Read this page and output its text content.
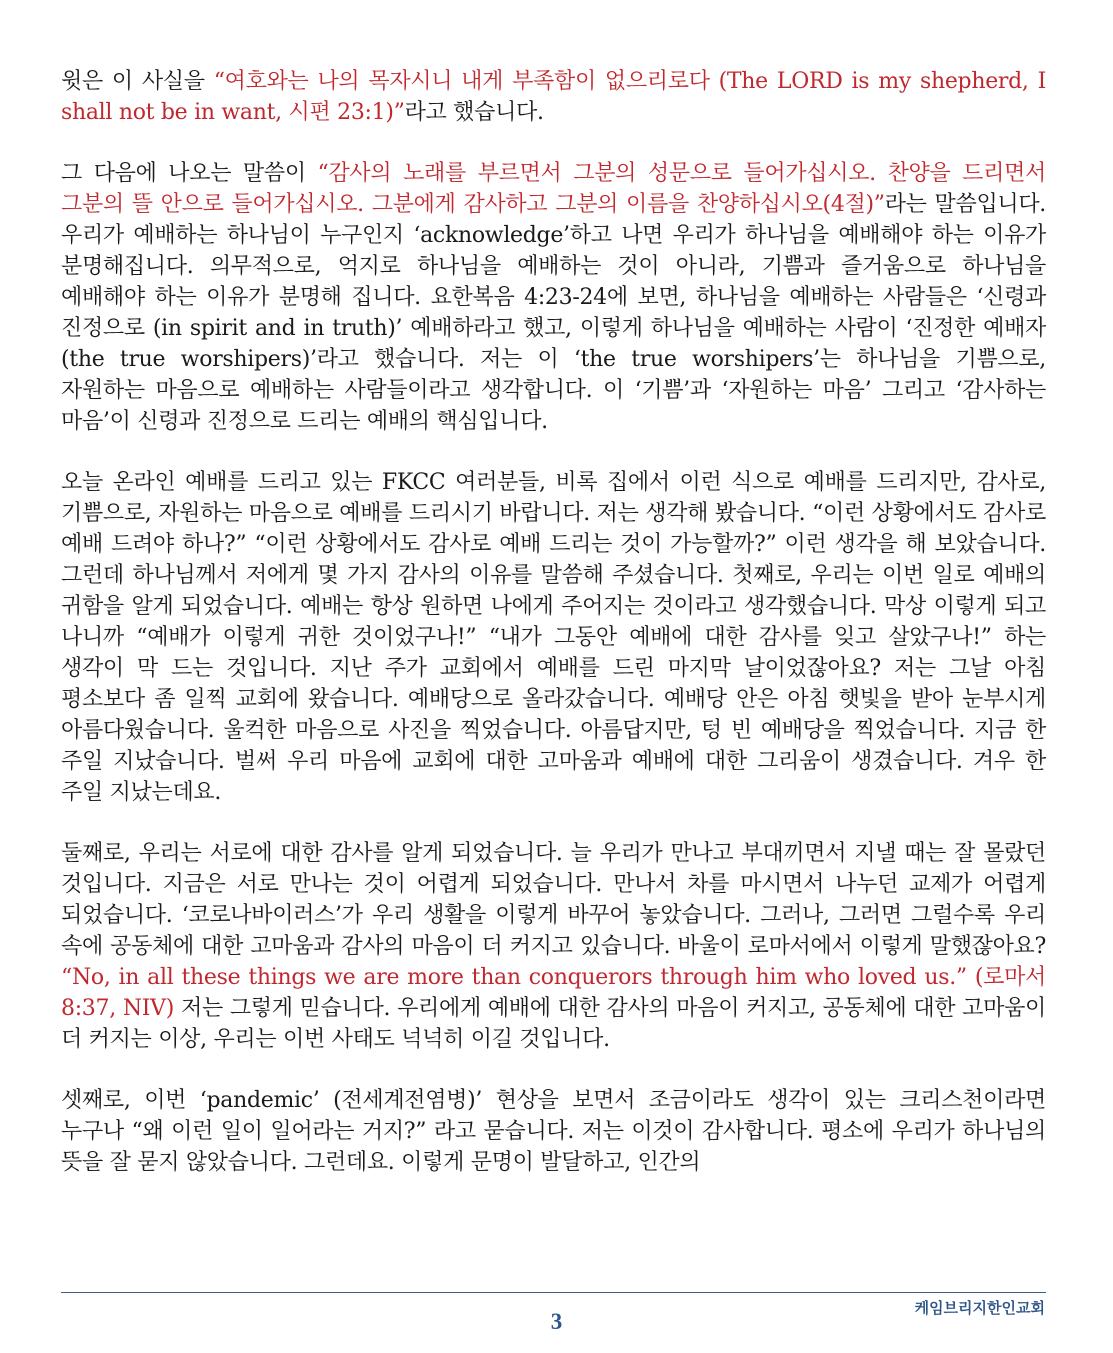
윗은 이 사실을 “여호와는 나의 목자시니 내게 부족함이 없으리로다 (The LORD is my shepherd, I shall not be in want, 시편 23:1)”라고 했습니다.

그 다음에 나오는 말씀이 “감사의 노래를 부르면서 그분의 성문으로 들어가십시오. 찬양을 드리면서 그분의 뜰 안으로 들어가십시오. 그분에게 감사하고 그분의 이름을 찬양하십시오(4절)”라는 말씀입니다. 우리가 예배하는 하나님이 누구인지 ‘acknowledge’하고 나면 우리가 하나님을 예배해야 하는 이유가 분명해집니다. 의무적으로, 억지로 하나님을 예배하는 것이 아니라, 기쁨과 즐거움으로 하나님을 예배해야 하는 이유가 분명해 집니다. 요한복음 4:23-24에 보면, 하나님을 예배하는 사람들은 ‘신령과 진정으로 (in spirit and in truth)’ 예배하라고 했고, 이렇게 하나님을 예배하는 사람이 ‘진정한 예배자 (the true worshipers)’라고 했습니다. 저는 이 ‘the true worshipers’는 하나님을 기쁨으로, 자원하는 마음으로 예배하는 사람들이라고 생각합니다. 이 ‘기쁨’과 ‘자원하는 마음’ 그리고 ‘감사하는 마음’이 신령과 진정으로 드리는 예배의 핵심입니다.

오늘 온라인 예배를 드리고 있는 FKCC 여러분들, 비록 집에서 이런 식으로 예배를 드리지만, 감사로, 기쁨으로, 자원하는 마음으로 예배를 드리시기 바랍니다. 저는 생각해 봤습니다. “이런 상황에서도 감사로 예배 드려야 하나?” “이런 상황에서도 감사로 예배 드리는 것이 가능할까?” 이런 생각을 해 보았습니다. 그런데 하나님께서 저에게 몇 가지 감사의 이유를 말씀해 주셨습니다. 첫째로, 우리는 이번 일로 예배의 귀함을 알게 되었습니다. 예배는 항상 원하면 나에게 주어지는 것이라고 생각했습니다. 막상 이렇게 되고 나니까 “예배가 이렇게 귀한 것이었구나!” “내가 그동안 예배에 대한 감사를 잊고 살았구나!” 하는 생각이 막 드는 것입니다. 지난 주가 교회에서 예배를 드린 마지막 날이었잖아요? 저는 그날 아침 평소보다 좀 일찍 교회에 왔습니다. 예배당으로 올라갔습니다. 예배당 안은 아침 햇빛을 받아 눈부시게 아름다웠습니다. 울컥한 마음으로 사진을 찍었습니다. 아름답지만, 텅 빈 예배당을 찍었습니다. 지금 한 주일 지났습니다. 벌써 우리 마음에 교회에 대한 고마움과 예배에 대한 그리움이 생겼습니다. 겨우 한 주일 지났는데요.

둘째로, 우리는 서로에 대한 감사를 알게 되었습니다. 늘 우리가 만나고 부대끼면서 지낼 때는 잘 몰랐던 것입니다. 지금은 서로 만나는 것이 어렵게 되었습니다. 만나서 차를 마시면서 나누던 교제가 어렵게 되었습니다. ‘코로나바이러스’가 우리 생활을 이렇게 바꾸어 놓았습니다. 그러나, 그러면 그럴수록 우리 속에 공동체에 대한 고마움과 감사의 마음이 더 커지고 있습니다. 바울이 로마서에서 이렇게 말했잖아요? “No, in all these things we are more than conquerors through him who loved us.” (로마서 8:37, NIV) 저는 그렇게 믿습니다. 우리에게 예배에 대한 감사의 마음이 커지고, 공동체에 대한 고마움이 더 커지는 이상, 우리는 이번 사태도 넉넉히 이길 것입니다.

셋째로, 이번 ‘pandemic’ (전세계전염병)’ 현상을 보면서 조금이라도 생각이 있는 크리스천이라면 누구나 “왜 이런 일이 일어라는 거지?” 라고 묻습니다. 저는 이것이 감사합니다. 평소에 우리가 하나님의 뜻을 잘 묻지 않았습니다. 그런데요. 이렇게 문명이 발달하고, 인간의

케임브리지한인교회
3
